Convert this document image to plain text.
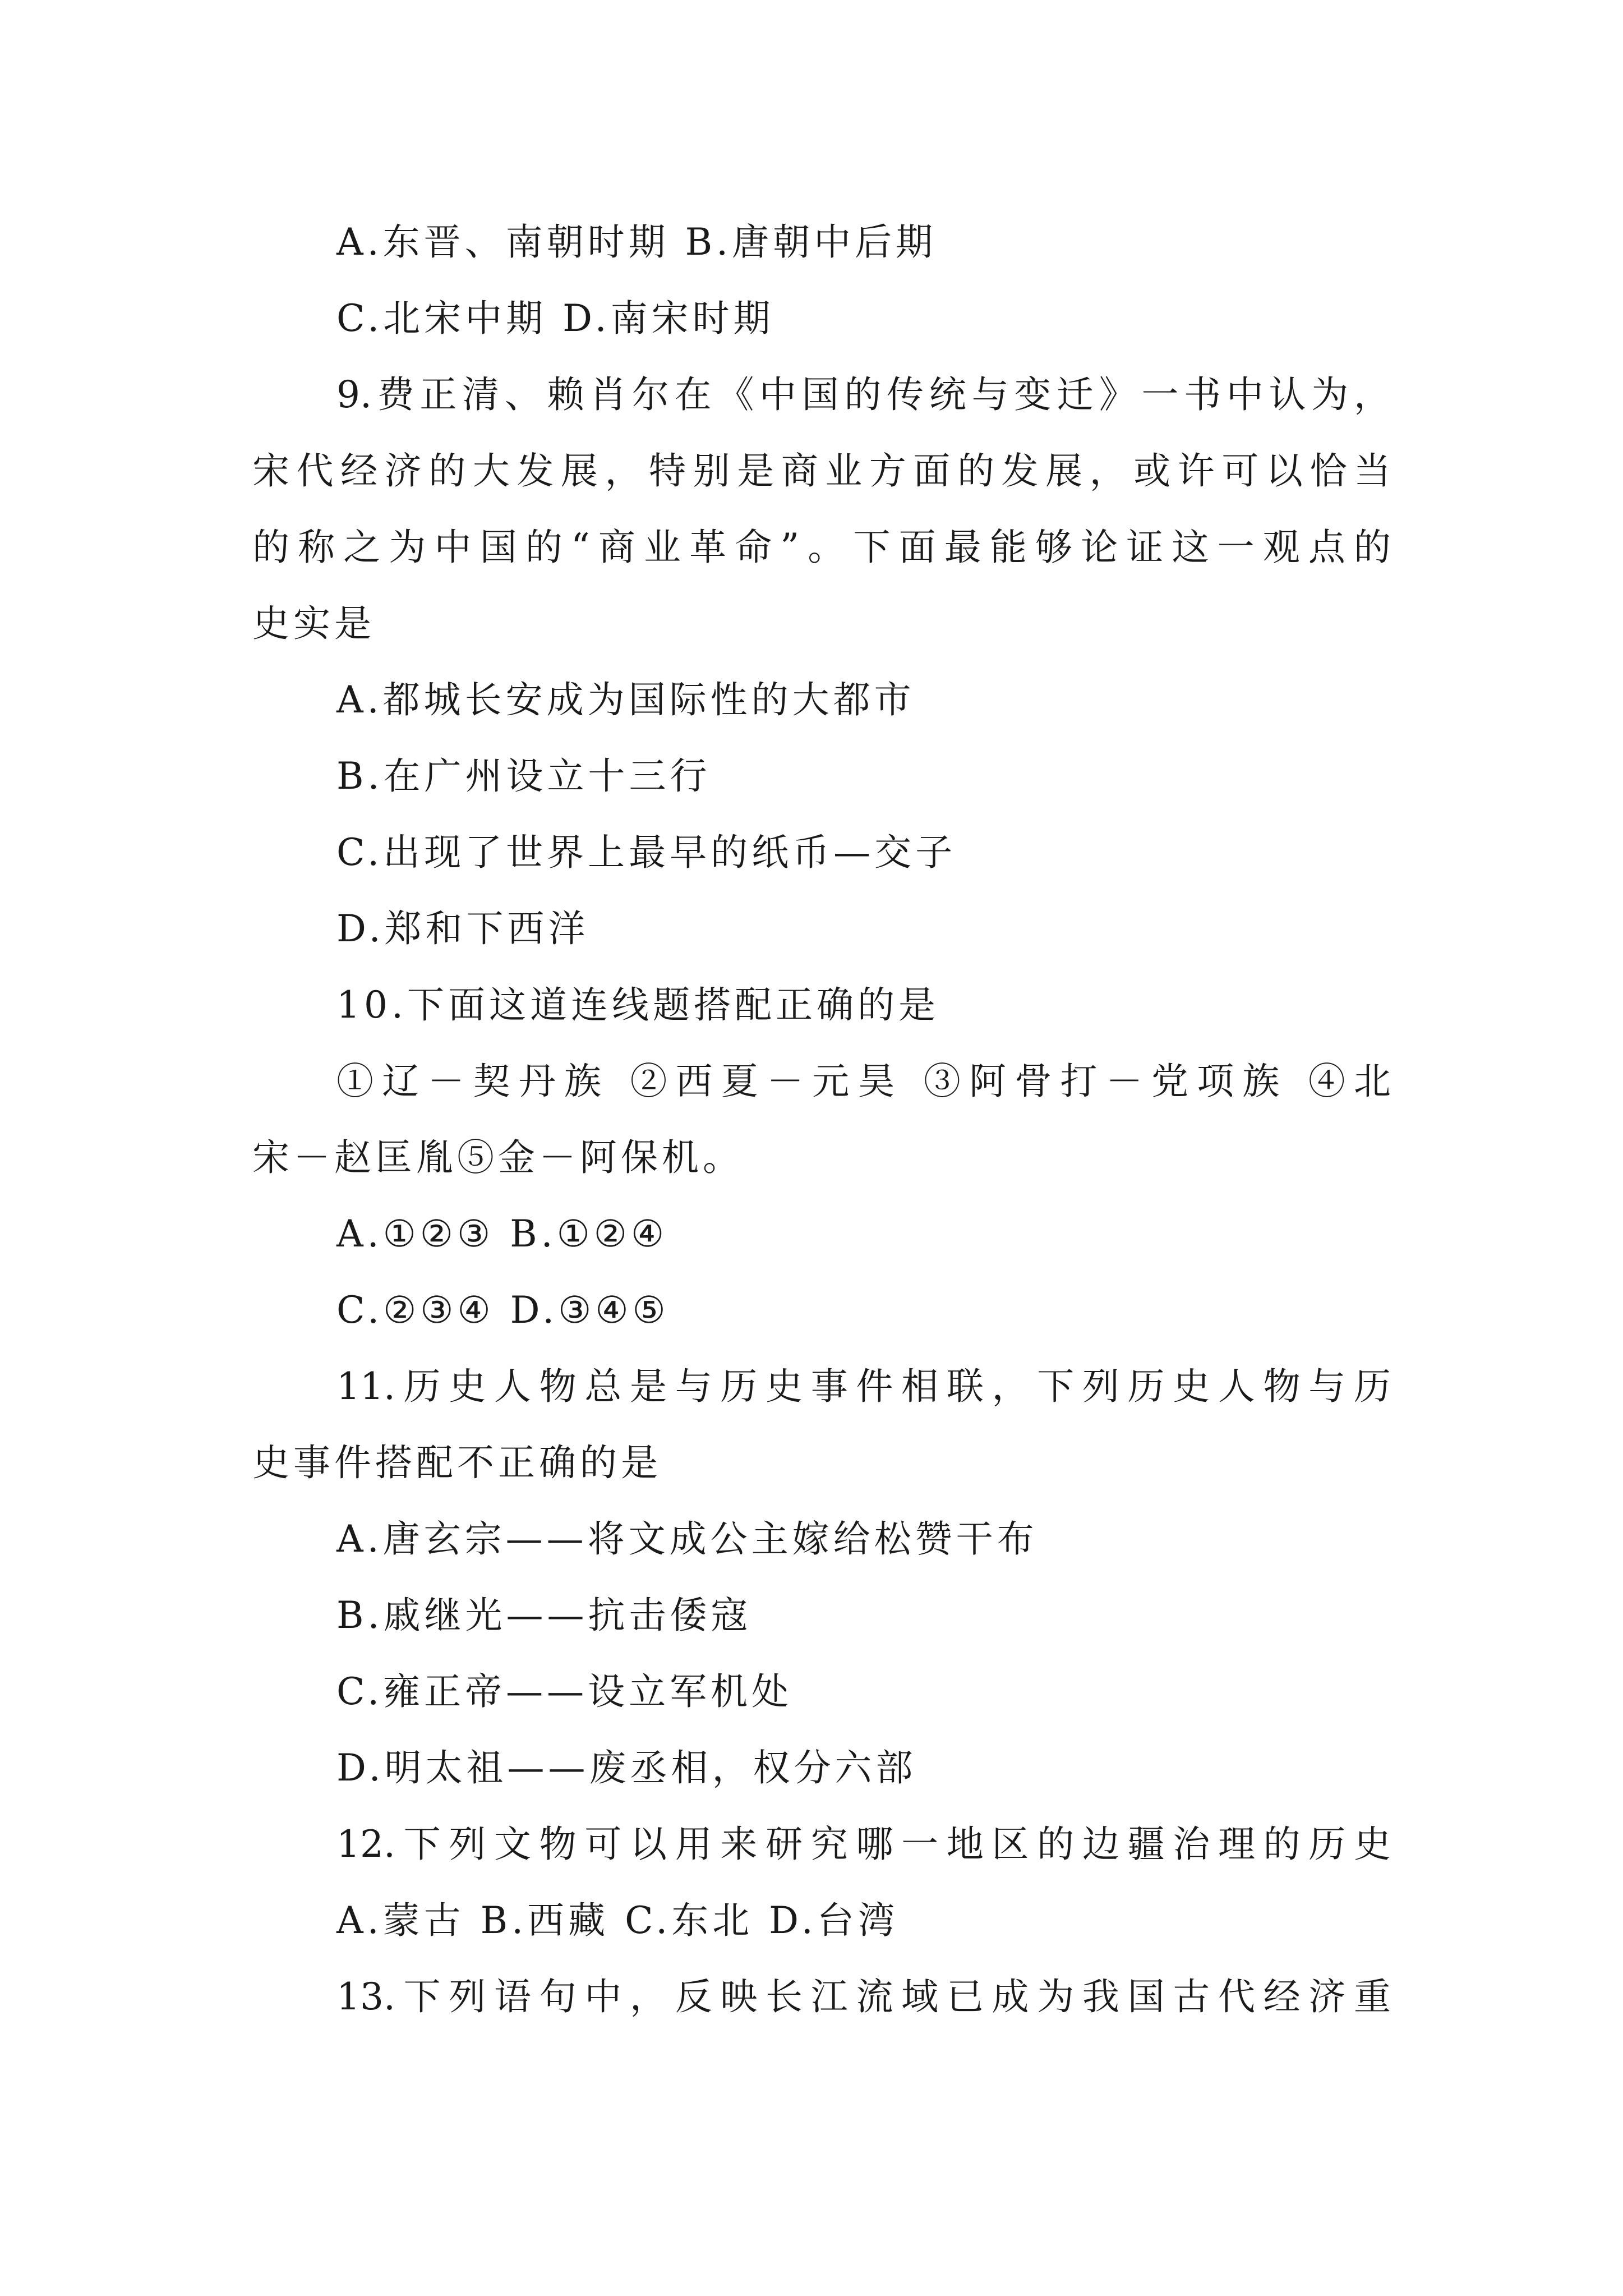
A.东晋、南朝时期 B.唐朝中后期
C.北宋中期 D.南宋时期
9.费正清、赖肖尔在《中国的传统与变迁》一书中认为，
宋代经济的大发展，特别是商业方面的发展，或许可以恰当
的称之为中国的“商业革命”。下面最能够论证这一观点的
史实是
A.都城长安成为国际性的大都市
B.在广州设立十三行
C.出现了世界上最早的纸币—交子
D.郑和下西洋
10.下面这道连线题搭配正确的是
①辽－契丹族 ②西夏－元昊 ③阿骨打－党项族 ④北
宋－赵匡胤⑤金－阿保机。
A.①②③ B.①②④
C.②③④ D.③④⑤
11.历史人物总是与历史事件相联，下列历史人物与历
史事件搭配不正确的是
A.唐玄宗——将文成公主嫁给松赞干布
B.戚继光——抗击倭寇
C.雍正帝——设立军机处
D.明太祖——废丞相，权分六部
12.下列文物可以用来研究哪一地区的边疆治理的历史
A.蒙古 B.西藏 C.东北 D.台湾
13.下列语句中，反映长江流域已成为我国古代经济重
